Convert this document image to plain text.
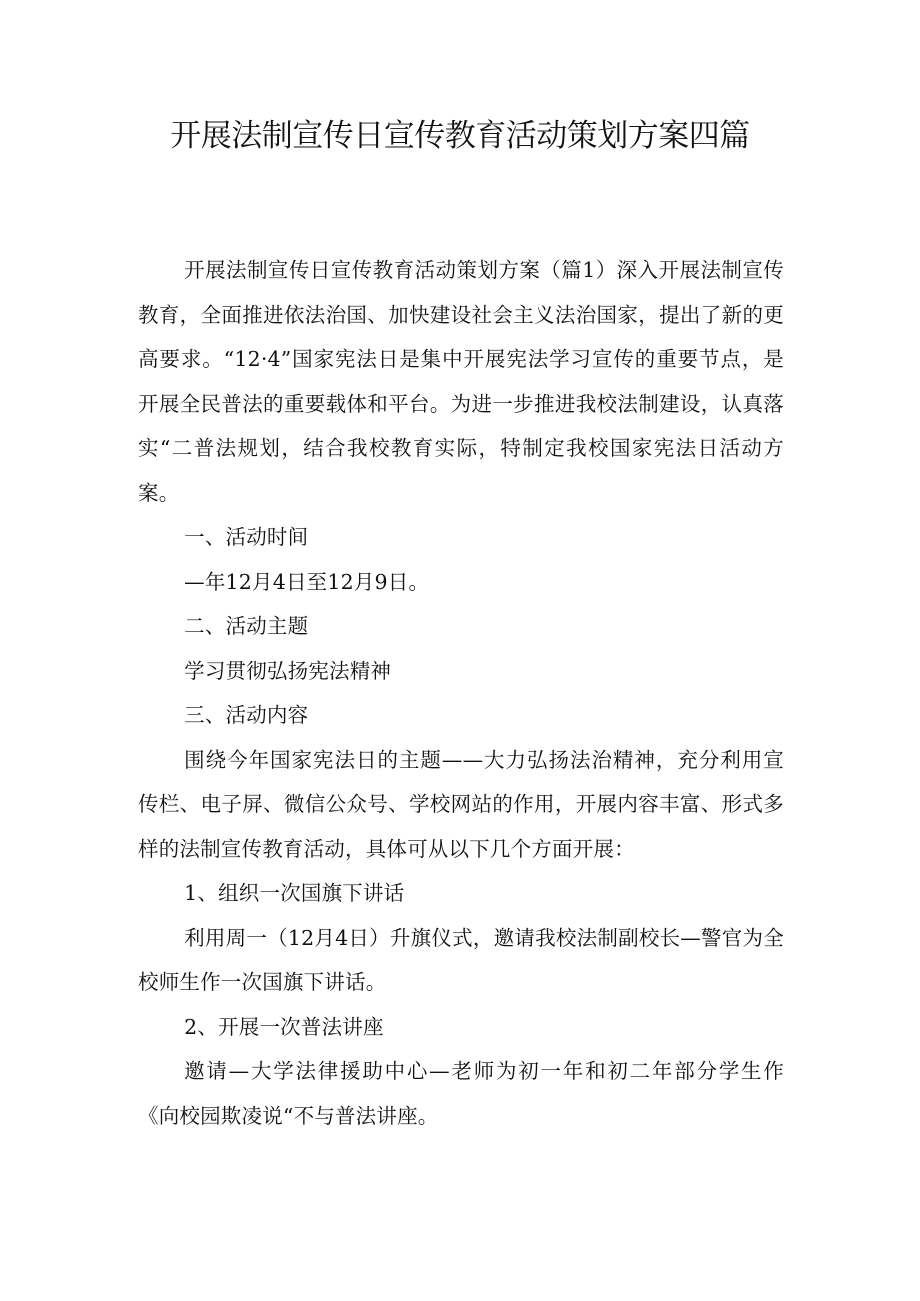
开展法制宣传日宣传教育活动策划方案四篇

开展法制宣传日宣传教育活动策划方案（篇1）深入开展法制宣传教育，全面推进依法治国、加快建设社会主义法治国家，提出了新的更高要求。“12·4”国家宪法日是集中开展宪法学习宣传的重要节点，是开展全民普法的重要载体和平台。为进一步推进我校法制建设，认真落实“二普法规划，结合我校教育实际，特制定我校国家宪法日活动方案。

一、活动时间

—年12月4日至12月9日。

二、活动主题

学习贯彻弘扬宪法精神

三、活动内容

围绕今年国家宪法日的主题——大力弘扬法治精神，充分利用宣传栏、电子屏、微信公众号、学校网站的作用，开展内容丰富、形式多样的法制宣传教育活动，具体可从以下几个方面开展：

1、组织一次国旗下讲话

利用周一（12月4日）升旗仪式，邀请我校法制副校长—警官为全校师生作一次国旗下讲话。

2、开展一次普法讲座

邀请—大学法律援助中心—老师为初一年和初二年部分学生作《向校园欺凌说“不与普法讲座。
